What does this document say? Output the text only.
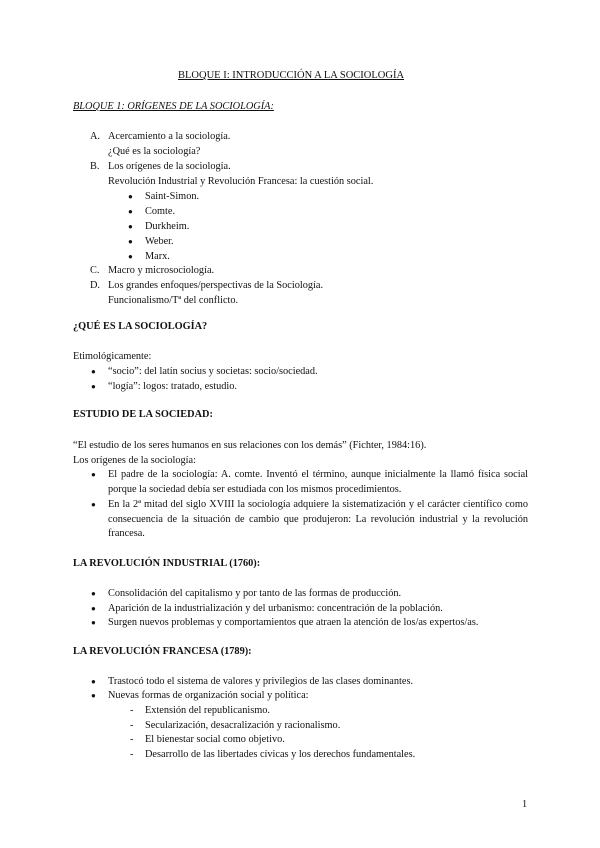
BLOQUE I: INTRODUCCIÓN A LA SOCIOLOGÍA
BLOQUE 1: ORÍGENES DE LA SOCIOLOGÍA:
A. Acercamiento a la sociología.
¿Qué es la sociología?
B. Los orígenes de la sociología.
Revolución Industrial y Revolución Francesa: la cuestión social.
● Saint-Simon.
● Comte.
● Durkheim.
● Weber.
● Marx.
C. Macro y microsociología.
D. Los grandes enfoques/perspectivas de la Sociología.
Funcionalismo/Tª del conflicto.
¿QUÉ ES LA SOCIOLOGÍA?
Etimológicamente:
● “socio”: del latín socius y societas: socio/sociedad.
● “logía”: logos: tratado, estudio.
ESTUDIO DE LA SOCIEDAD:
“El estudio de los seres humanos en sus relaciones con los demás” (Fichter, 1984:16).
Los orígenes de la sociología:
● El padre de la sociología: A. comte. Inventó el término, aunque inicialmente la llamó física social porque la sociedad debía ser estudiada con los mismos procedimientos.
● En la 2ª mitad del siglo XVIII la sociología adquiere la sistematización y el carácter científico como consecuencia de la situación de cambio que produjeron: La revolución industrial y la revolución francesa.
LA REVOLUCIÓN INDUSTRIAL (1760):
● Consolidación del capitalismo y por tanto de las formas de producción.
● Aparición de la industrialización y del urbanismo: concentración de la población.
● Surgen nuevos problemas y comportamientos que atraen la atención de los/as expertos/as.
LA REVOLUCIÓN FRANCESA (1789):
● Trastocó todo el sistema de valores y privilegios de las clases dominantes.
● Nuevas formas de organización social y política:
- Extensión del republicanismo.
- Secularización, desacralización y racionalismo.
- El bienestar social como objetivo.
- Desarrollo de las libertades cívicas y los derechos fundamentales.
1
